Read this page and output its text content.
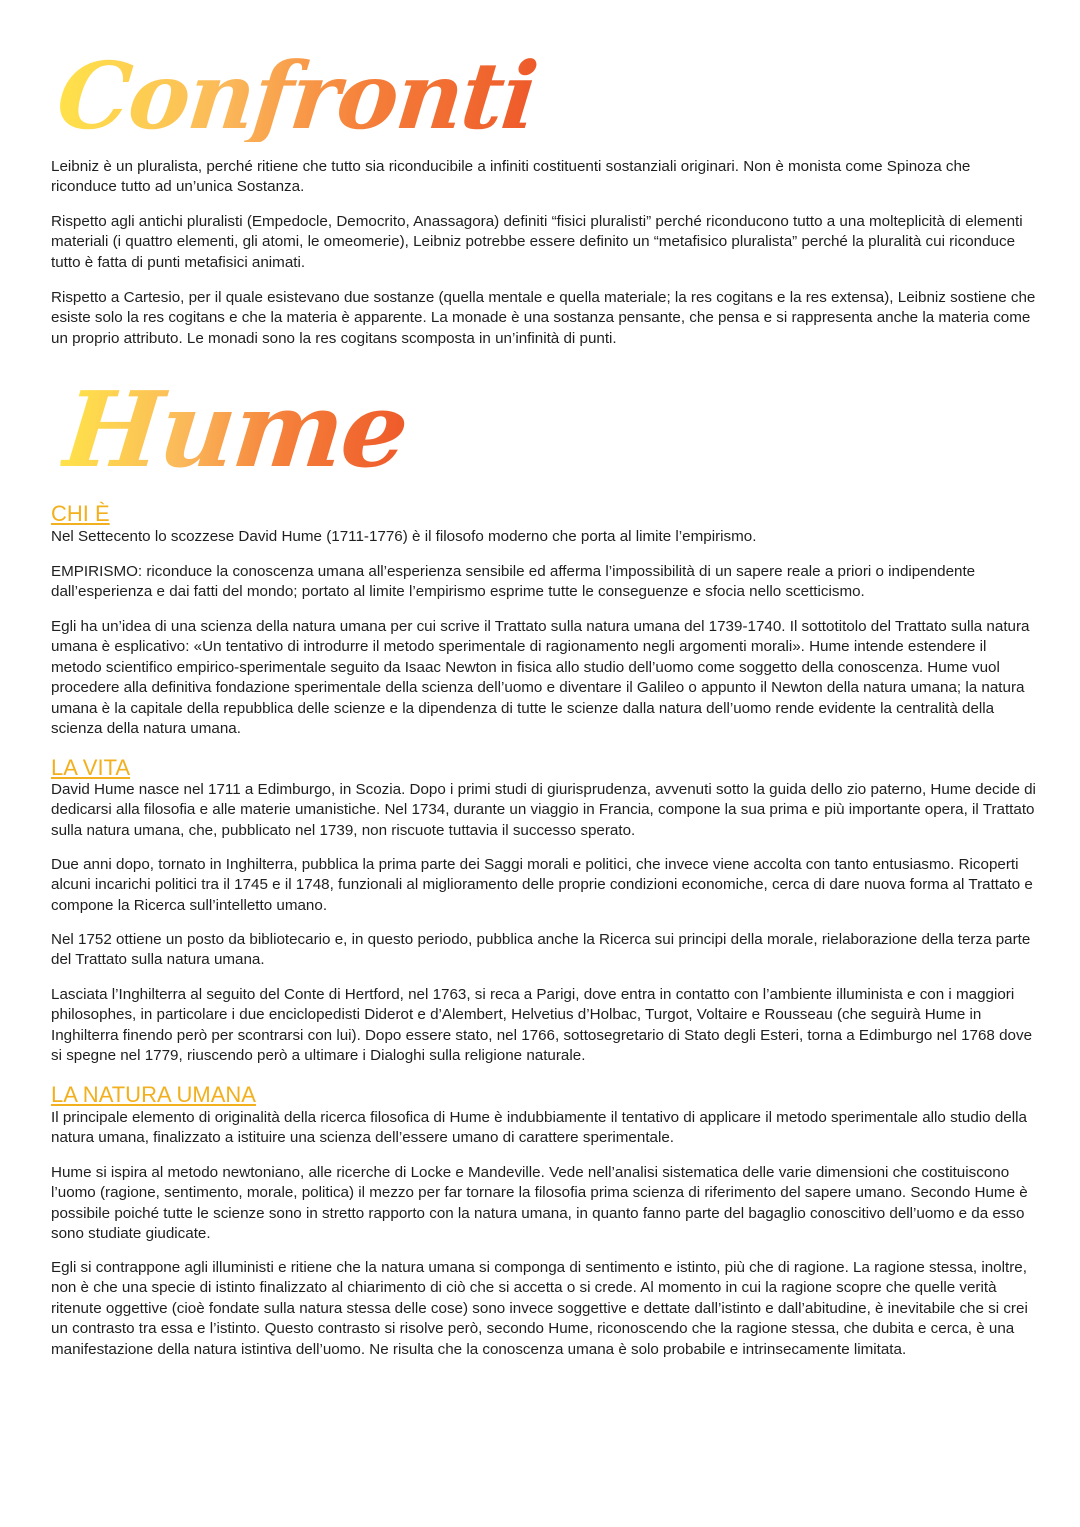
Confronti

Leibniz è un pluralista, perché ritiene che tutto sia riconducibile a infiniti costituenti sostanziali originari. Non è monista come Spinoza che riconduce tutto ad un’unica Sostanza.

Rispetto agli antichi pluralisti (Empedocle, Democrito, Anassagora) definiti “fisici pluralisti” perché riconducono tutto a una molteplicità di elementi materiali (i quattro elementi, gli atomi, le omeomerie), Leibniz potrebbe essere definito un “metafisico pluralista” perché la pluralità cui riconduce tutto è fatta di punti metafisici animati.

Rispetto a Cartesio, per il quale esistevano due sostanze (quella mentale e quella materiale; la res cogitans e la res extensa), Leibniz sostiene che esiste solo la res cogitans e che la materia è apparente. La monade è una sostanza pensante, che pensa e si rappresenta anche la materia come un proprio attributo. Le monadi sono la res cogitans scomposta in un’infinità di punti.

Hume
CHI È

Nel Settecento lo scozzese David Hume (1711-1776) è il filosofo moderno che porta al limite l’empirismo.

EMPIRISMO: riconduce la conoscenza umana all’esperienza sensibile ed afferma l’impossibilità di un sapere reale a priori o indipendente dall’esperienza e dai fatti del mondo; portato al limite l’empirismo esprime tutte le conseguenze e sfocia nello scetticismo.

Egli ha un’idea di una scienza della natura umana per cui scrive il Trattato sulla natura umana del 1739-1740. Il sottotitolo del Trattato sulla natura umana è esplicativo: «Un tentativo di introdurre il metodo sperimentale di ragionamento negli argomenti morali». Hume intende estendere il metodo scientifico empirico-sperimentale seguito da Isaac Newton in fisica allo studio dell’uomo come soggetto della conoscenza. Hume vuol procedere alla definitiva fondazione sperimentale della scienza dell’uomo e diventare il Galileo o appunto il Newton della natura umana; la natura umana è la capitale della repubblica delle scienze e la dipendenza di tutte le scienze dalla natura dell’uomo rende evidente la centralità della scienza della natura umana.

LA VITA

David Hume nasce nel 1711 a Edimburgo, in Scozia. Dopo i primi studi di giurisprudenza, avvenuti sotto la guida dello zio paterno, Hume decide di dedicarsi alla filosofia e alle materie umanistiche. Nel 1734, durante un viaggio in Francia, compone la sua prima e più importante opera, il Trattato sulla natura umana, che, pubblicato nel 1739, non riscuote tuttavia il successo sperato.

Due anni dopo, tornato in Inghilterra, pubblica la prima parte dei Saggi morali e politici, che invece viene accolta con tanto entusiasmo. Ricoperti alcuni incarichi politici tra il 1745 e il 1748, funzionali al miglioramento delle proprie condizioni economiche, cerca di dare nuova forma al Trattato e compone la Ricerca sull’intelletto umano.

Nel 1752 ottiene un posto da bibliotecario e, in questo periodo, pubblica anche la Ricerca sui principi della morale, rielaborazione della terza parte del Trattato sulla natura umana.

Lasciata l’Inghilterra al seguito del Conte di Hertford, nel 1763, si reca a Parigi, dove entra in contatto con l’ambiente illuminista e con i maggiori philosophes, in particolare i due enciclopedisti Diderot e d’Alembert, Helvetius d’Holbac, Turgot, Voltaire e Rousseau (che seguirà Hume in Inghilterra finendo però per scontrarsi con lui). Dopo essere stato, nel 1766, sottosegretario di Stato degli Esteri, torna a Edimburgo nel 1768 dove si spegne nel 1779, riuscendo però a ultimare i Dialoghi sulla religione naturale.

LA NATURA UMANA

Il principale elemento di originalità della ricerca filosofica di Hume è indubbiamente il tentativo di applicare il metodo sperimentale allo studio della natura umana, finalizzato a istituire una scienza dell’essere umano di carattere sperimentale.

Hume si ispira al metodo newtoniano, alle ricerche di Locke e Mandeville. Vede nell’analisi sistematica delle varie dimensioni che costituiscono l’uomo (ragione, sentimento, morale, politica) il mezzo per far tornare la filosofia prima scienza di riferimento del sapere umano. Secondo Hume è possibile poiché tutte le scienze sono in stretto rapporto con la natura umana, in quanto fanno parte del bagaglio conoscitivo dell’uomo e da esso sono studiate giudicate.

Egli si contrappone agli illuministi e ritiene che la natura umana si componga di sentimento e istinto, più che di ragione. La ragione stessa, inoltre, non è che una specie di istinto finalizzato al chiarimento di ciò che si accetta o si crede. Al momento in cui la ragione scopre che quelle verità ritenute oggettive (cioè fondate sulla natura stessa delle cose) sono invece soggettive e dettate dall’istinto e dall’abitudine, è inevitabile che si crei un contrasto tra essa e l’istinto. Questo contrasto si risolve però, secondo Hume, riconoscendo che la ragione stessa, che dubita e cerca, è una manifestazione della natura istintiva dell’uomo. Ne risulta che la conoscenza umana è solo probabile e intrinsecamente limitata.
